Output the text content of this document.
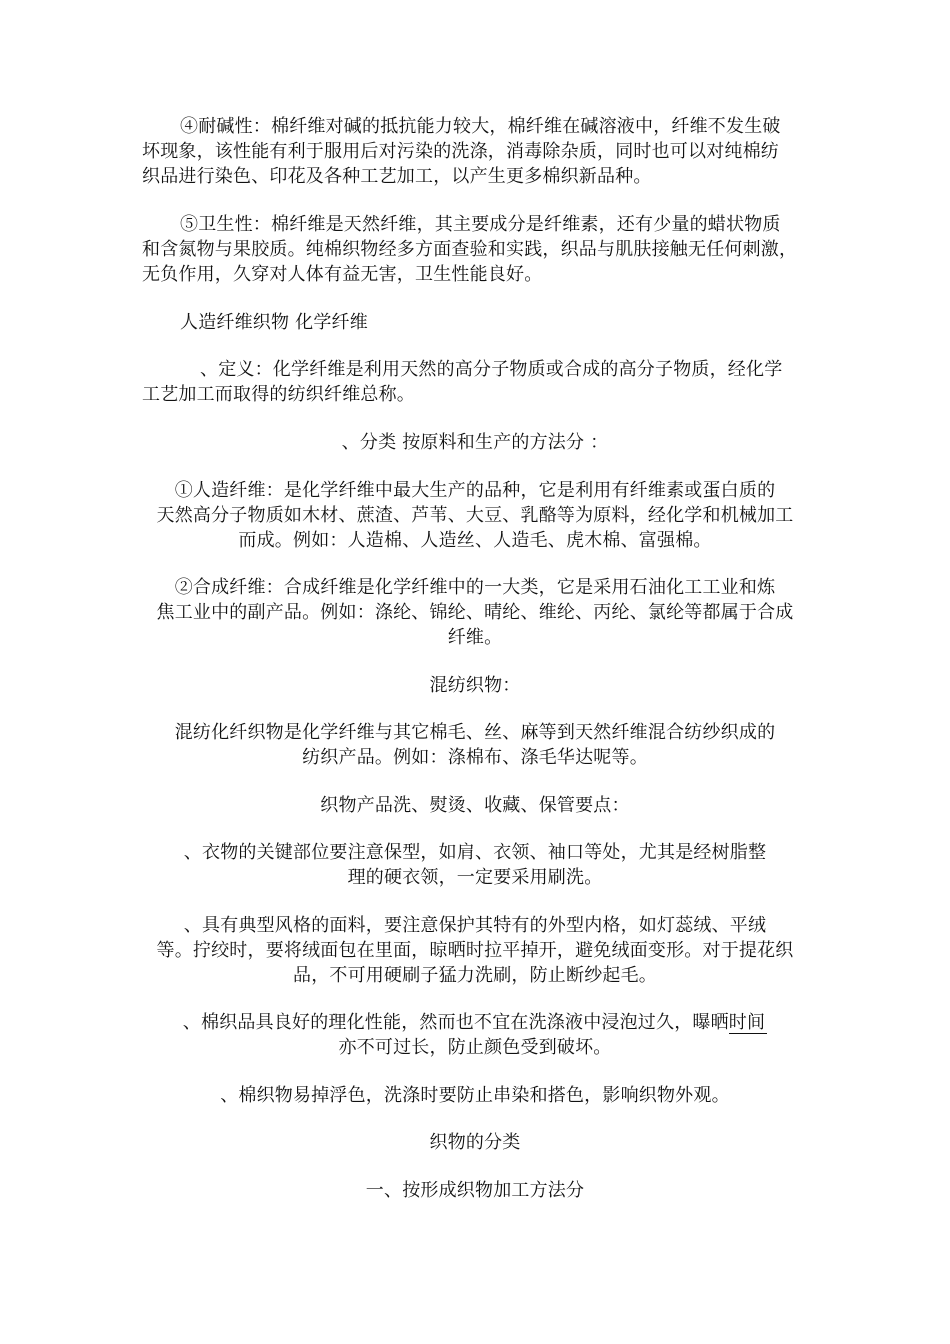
④耐碱性：棉纤维对碱的抵抗能力较大，棉纤维在碱溶液中，纤维不发生破
坏现象，该性能有利于服用后对污染的洗涤，消毒除杂质，同时也可以对纯棉纺
织品进行染色、印花及各种工艺加工，以产生更多棉织新品种。
⑤卫生性：棉纤维是天然纤维，其主要成分是纤维素，还有少量的蜡状物质
和含氮物与果胶质。纯棉织物经多方面查验和实践，织品与肌肤接触无任何刺激，
无负作用，久穿对人体有益无害，卫生性能良好。
人造纤维织物 化学纤维
、定义：化学纤维是利用天然的高分子物质或合成的高分子物质，经化学
工艺加工而取得的纺织纤维总称。
、分类 按原料和生产的方法分 ：
①人造纤维：是化学纤维中最大生产的品种，它是利用有纤维素或蛋白质的
天然高分子物质如木材、蔗渣、芦苇、大豆、乳酪等为原料，经化学和机械加工
而成。例如：人造棉、人造丝、人造毛、虎木棉、富强棉。
②合成纤维：合成纤维是化学纤维中的一大类，它是采用石油化工工业和炼
焦工业中的副产品。例如：涤纶、锦纶、晴纶、维纶、丙纶、氯纶等都属于合成
纤维。
混纺织物：
混纺化纤织物是化学纤维与其它棉毛、丝、麻等到天然纤维混合纺纱织成的
纺织产品。例如：涤棉布、涤毛华达呢等。
织物产品洗、熨烫、收藏、保管要点：
、衣物的关键部位要注意保型，如肩、衣领、袖口等处，尤其是经树脂整
理的硬衣领，一定要采用刷洗。
、具有典型风格的面料，要注意保护其特有的外型内格，如灯蕊绒、平绒
等。拧绞时，要将绒面包在里面，晾晒时拉平掉开，避免绒面变形。对于提花织
品，不可用硬刷子猛力洗刷，防止断纱起毛。
、棉织品具良好的理化性能，然而也不宜在洗涤液中浸泡过久，曝晒时间
亦不可过长，防止颜色受到破坏。
、棉织物易掉浮色，洗涤时要防止串染和搭色，影响织物外观。
织物的分类
一、按形成织物加工方法分
